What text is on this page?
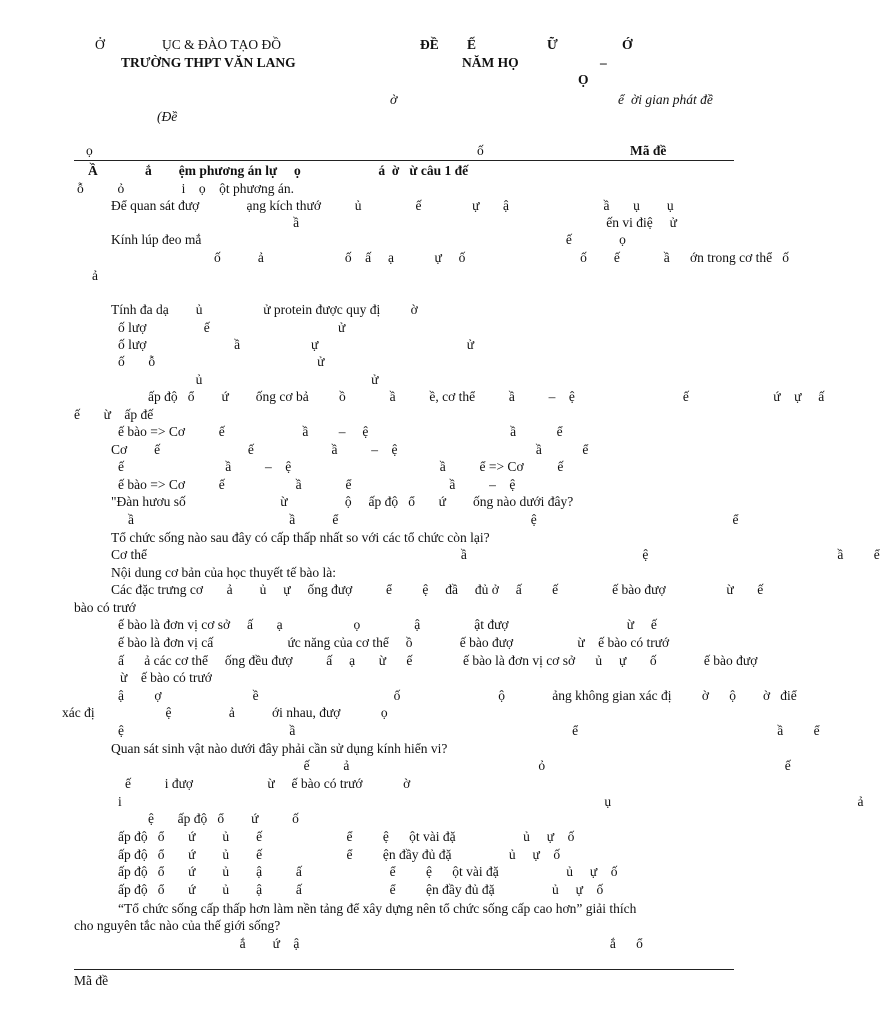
Ở	ỤC & ĐÀO TẠO ĐỒ	ĐỀ Ế	Ữ	Ớ
TRƯỜNG THPT VĂN LANG	NĂM HỌ	–
Ọ
ờ	ể ời gian phát đề
(Đề
ọ	ố	Mã đề
Ầ              ắ        ệm phương án lự     ọ                       á  ờ   ừ câu 1 đế
ỗ          ỏ                 i    ọ    ột phương án.
Để quan sát đượ              ạng kích thướ          ủ                ế               ự       ậ                            ầ       ụ        ụ
ầ                                                                                           ến vi điệ     ử
Kính lúp đeo mắ                                                                                                            ế              ọ
ố           ả                        ố    ấ     ạ            ự     ố                                  ố        ế             ầ      ớn trong cơ thể   ố
ả
Tính đa dạ        ủ                  ử protein được quy đị         ờ
ố lượ                 ế                                      ử
ố lượ                          ầ                     ự                                            ử
ố       ỗ                                                ử
ủ                                                  ử
ấp độ   ổ        ứ        ống cơ bả         ồ             ầ          ề, cơ thể          ầ          –    ệ                                ế                         ứ    ự     ấ
ế       ừ    ấp đế
ế bào => Cơ          ế                       ầ         –     ệ                                          ầ            ể
Cơ        ế                          ế                       ầ          –    ệ                                         ầ            ể
ế                              ầ          –    ệ                                            ầ          ể => Cơ          ế
ế bào => Cơ          ế                     ầ             ể                             ầ          –    ệ
"Đàn hươu số                            ừ                 ộ     ấp độ   ổ       ứ        ống nào dưới đây?
ầ                                              ầ           ể                                                         ệ                                                          ể
Tổ chức sống nào sau đây có cấp thấp nhất so với các tổ chức còn lại?
Cơ thể                                                                                             ầ                                                    ệ                                                        ầ         ể
Nội dung cơ bản của học thuyết tế bào là:
Các đặc trưng cơ       ả        ủ     ự     ống đượ          ể         ệ     đầ     đủ ở     ấ         ế                ế bào đượ                  ừ       ế
bào có trướ
ế bào là đơn vị cơ sở     ấ       ạ                     ọ                ậ                ật đượ                                   ừ     ế
ế bào là đơn vị cấ                      ức năng của cơ thể     ồ              ế bào đượ                   ừ    ế bào có trướ
ấ      ả các cơ thể     ống đều đượ          ấ     ạ       ừ      ế               ế bào là đơn vị cơ sở      ủ     ự       ố              ế bào đượ
ừ    ế bào có trướ
ậ         ợ                           ề                                        ố                             ộ              ảng không gian xác đị         ờ      ộ        ờ   điể
xác đị                     ệ                 ả           ới nhau, đượ            ọ
ệ                                                 ầ                                                                                  ể                                                           ầ         ể
Quan sát sinh vật nào dưới đây phải cần sử dụng kính hiển vi?
ế          ả                                                        ỏ                                                                       ế
ế          i đượ                      ừ     ế bào có trướ            ờ
i                                                                                                                                               ụ                                                                         ả
ệ       ấp độ   ổ        ứ          ố
ấp độ   ổ       ứ        ủ        ế                         ể         ệ      ột vài đặ                    ủ     ự    ố
ấp độ   ổ       ứ        ủ        ế                         ể         ện đầy đủ đặ                 ủ     ự    ố
ấp độ   ổ       ứ        ủ        ậ          ấ                          ể         ệ      ột vài đặ                    ủ     ự    ố
ấp độ   ổ       ứ        ủ        ậ          ấ                          ể         ện đầy đủ đặ                 ủ     ự    ố
“Tổ chức sống cấp thấp hơn làm nền tảng để xây dựng nên tổ chức sống cấp cao hơn” giải thích
cho nguyên tắc nào của thế giới sống?
ắ        ứ    ậ                                                                                            ắ      ổ
Mã đề
